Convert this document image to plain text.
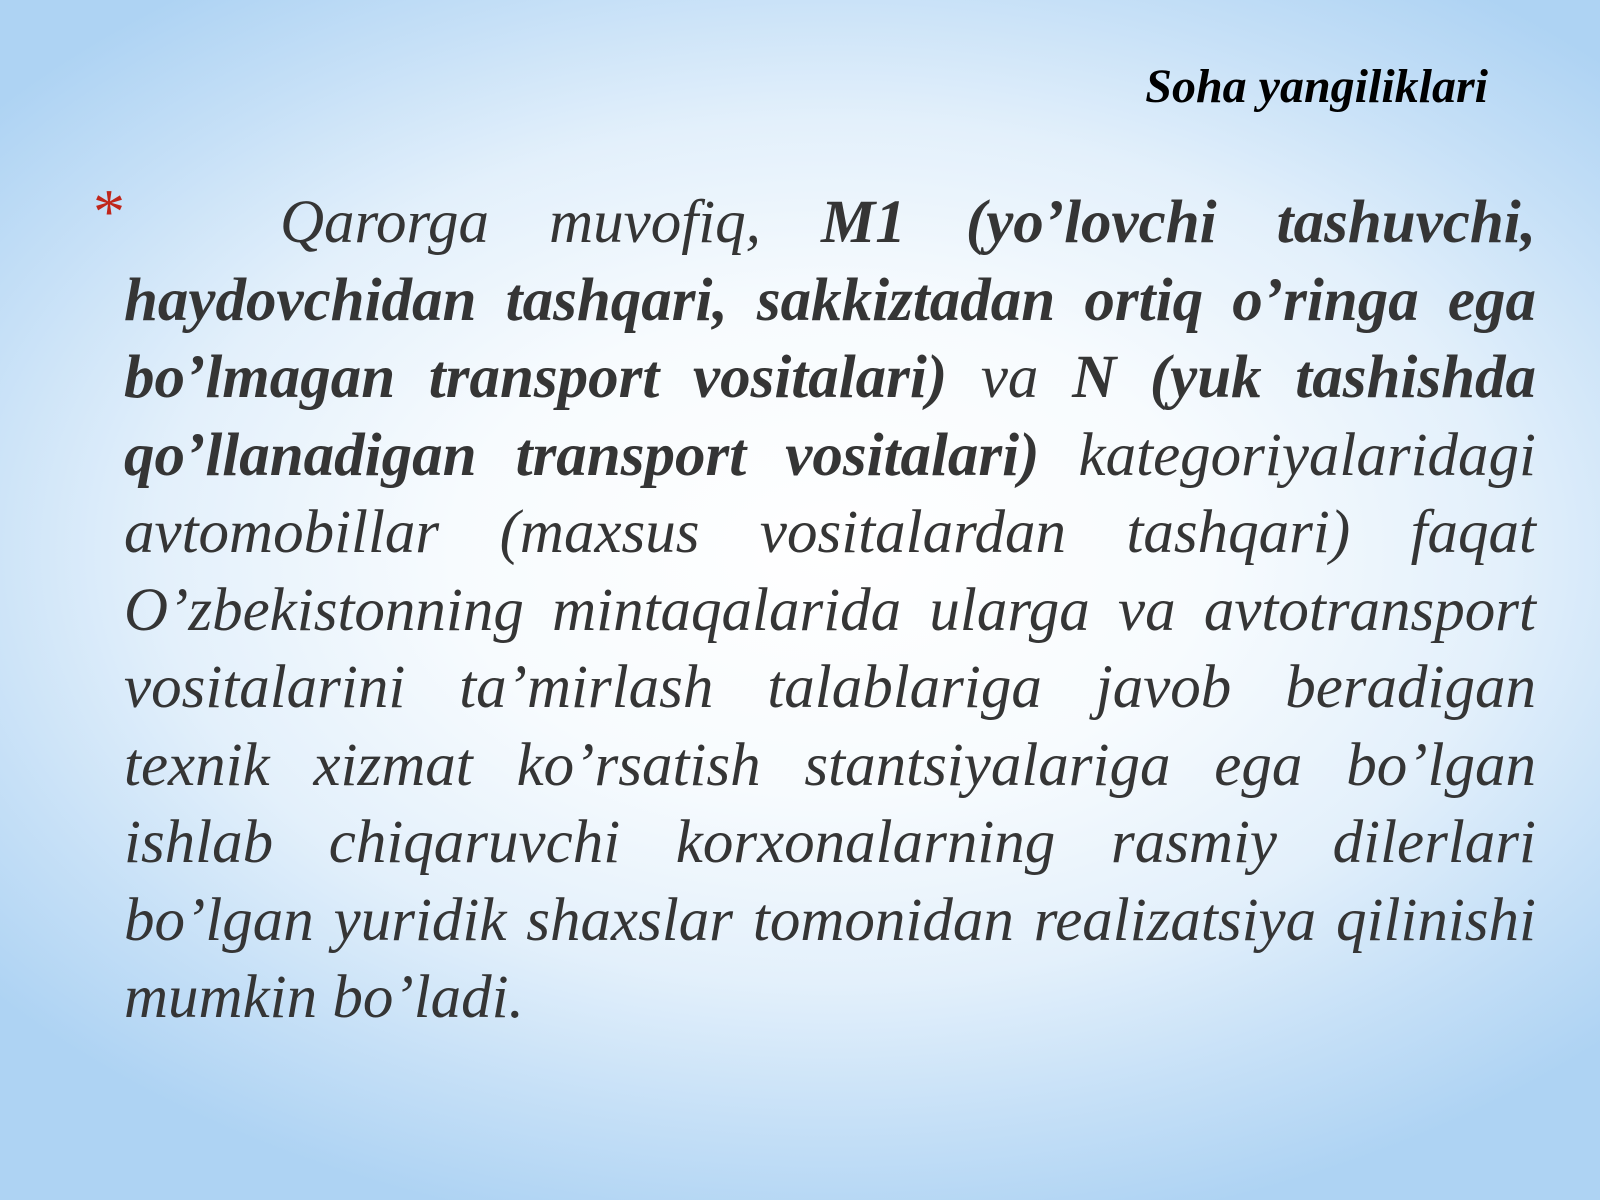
Soha yangiliklari
*	Qarorga muvofiq, M1 (yo’lovchi tashuvchi, haydovchidan tashqari, sakkiztadan ortiq o’ringa ega bo’lmagan transport vositalari) va N (yuk tashishda qo’llanadigan transport vositalari) kategoriyalaridagi avtomobillar (maxsus vositalardan tashqari) faqat O’zbekistonning mintaqalarida ularga va avtotransport vositalarini ta’mirlash talablariga javob beradigan texnik xizmat ko’rsatish stantsiyalariga ega bo’lgan ishlab chiqaruvchi korxonalarning rasmiy dilerlari bo’lgan yuridik shaxslar tomonidan realizatsiya qilinishi mumkin bo’ladi.
